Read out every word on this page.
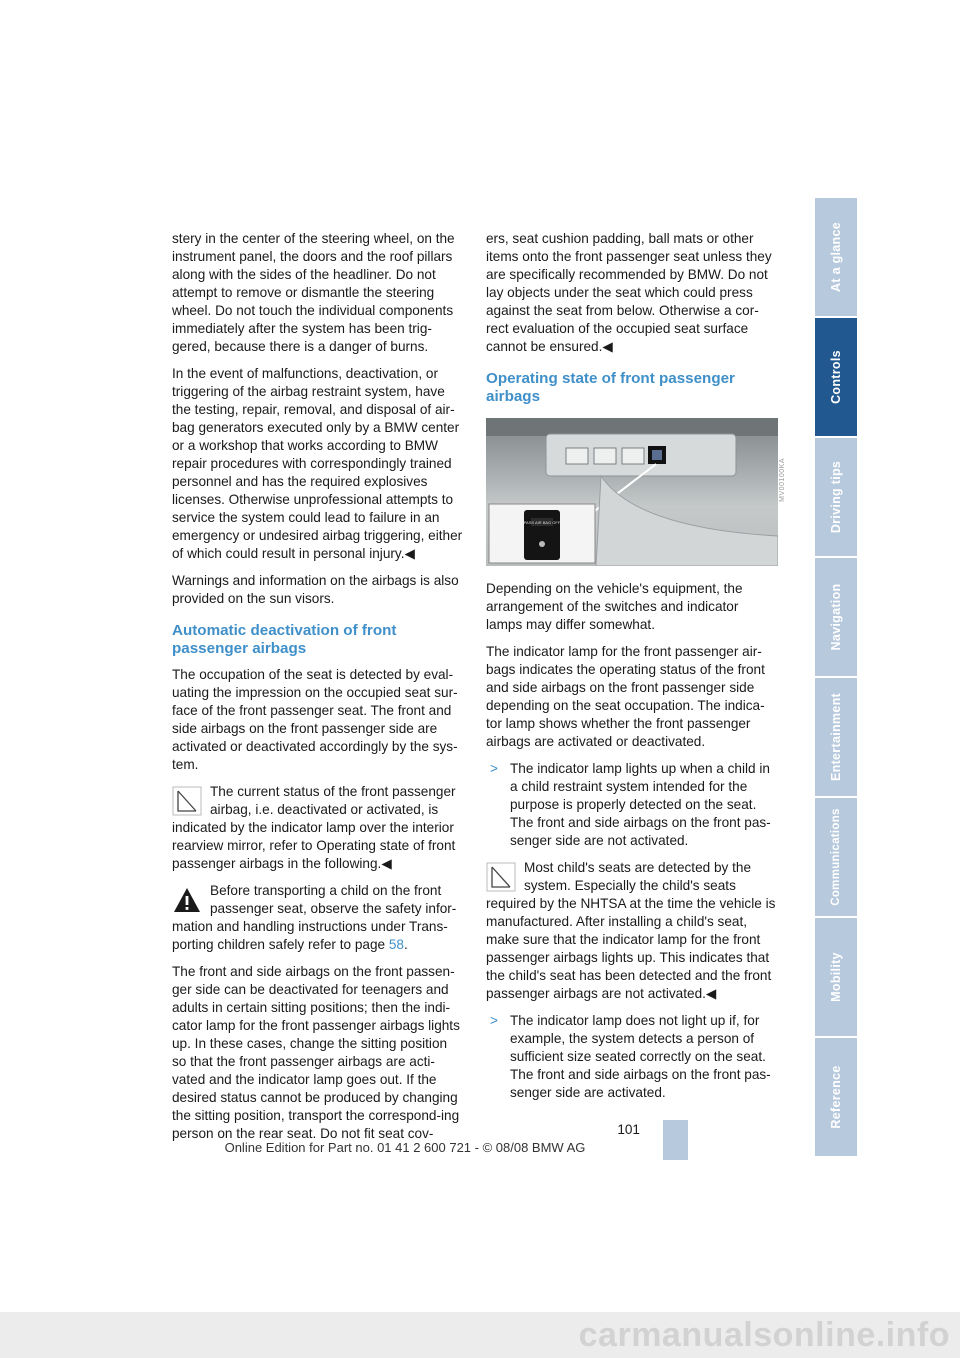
stery in the center of the steering wheel, on the instrument panel, the doors and the roof pillars along with the sides of the headliner. Do not attempt to remove or dismantle the steering wheel. Do not touch the individual components immediately after the system has been trig-gered, because there is a danger of burns.

In the event of malfunctions, deactivation, or triggering of the airbag restraint system, have the testing, repair, removal, and disposal of air-bag generators executed only by a BMW center or a workshop that works according to BMW repair procedures with correspondingly trained personnel and has the required explosives licenses. Otherwise unprofessional attempts to service the system could lead to failure in an emergency or undesired airbag triggering, either of which could result in personal injury.◀

Warnings and information on the airbags is also provided on the sun visors.

Automatic deactivation of front passenger airbags

The occupation of the seat is detected by eval-uating the impression on the occupied seat sur-face of the front passenger seat. The front and side airbags on the front passenger side are activated or deactivated accordingly by the sys-tem.

The current status of the front passenger airbag, i.e. deactivated or activated, is indicated by the indicator lamp over the interior rearview mirror, refer to Operating state of front passenger airbags in the following.◀
Before transporting a child on the front passenger seat, observe the safety infor-mation and handling instructions under Trans-porting children safely refer to page 58.

The front and side airbags on the front passen-ger side can be deactivated for teenagers and adults in certain sitting positions; then the indi-cator lamp for the front passenger airbags lights up. In these cases, change the sitting position so that the front passenger airbags are acti-vated and the indicator lamp goes out. If the desired status cannot be produced by changing the sitting position, transport the correspond-ing person on the rear seat. Do not fit seat cov-

ers, seat cushion padding, ball mats or other items onto the front passenger seat unless they are specifically recommended by BMW. Do not lay objects under the seat which could press against the seat from below. Otherwise a cor-rect evaluation of the occupied seat surface cannot be ensured.◀

Operating state of front passenger airbags
PASS AIR BAG OFF
MV00100KA

Depending on the vehicle's equipment, the arrangement of the switches and indicator lamps may differ somewhat.

The indicator lamp for the front passenger air-bags indicates the operating status of the front and side airbags on the front passenger side depending on the seat occupation. The indica-tor lamp shows whether the front passenger airbags are activated or deactivated.

> The indicator lamp lights up when a child in a child restraint system intended for the purpose is properly detected on the seat. The front and side airbags on the front pas-senger side are not activated.
Most child's seats are detected by the system. Especially the child's seats required by the NHTSA at the time the vehicle is manufactured. After installing a child's seat, make sure that the indicator lamp for the front passenger airbags lights up. This indicates that the child's seat has been detected and the front passenger airbags are not activated.◀
> The indicator lamp does not light up if, for example, the system detects a person of sufficient size seated correctly on the seat. The front and side airbags on the front pas-senger side are activated.
At a glance
Controls
Driving tips
Navigation
Entertainment
Communications
Mobility
Reference
101
Online Edition for Part no. 01 41 2 600 721 - © 08/08 BMW AG
carmanualsonline.info
